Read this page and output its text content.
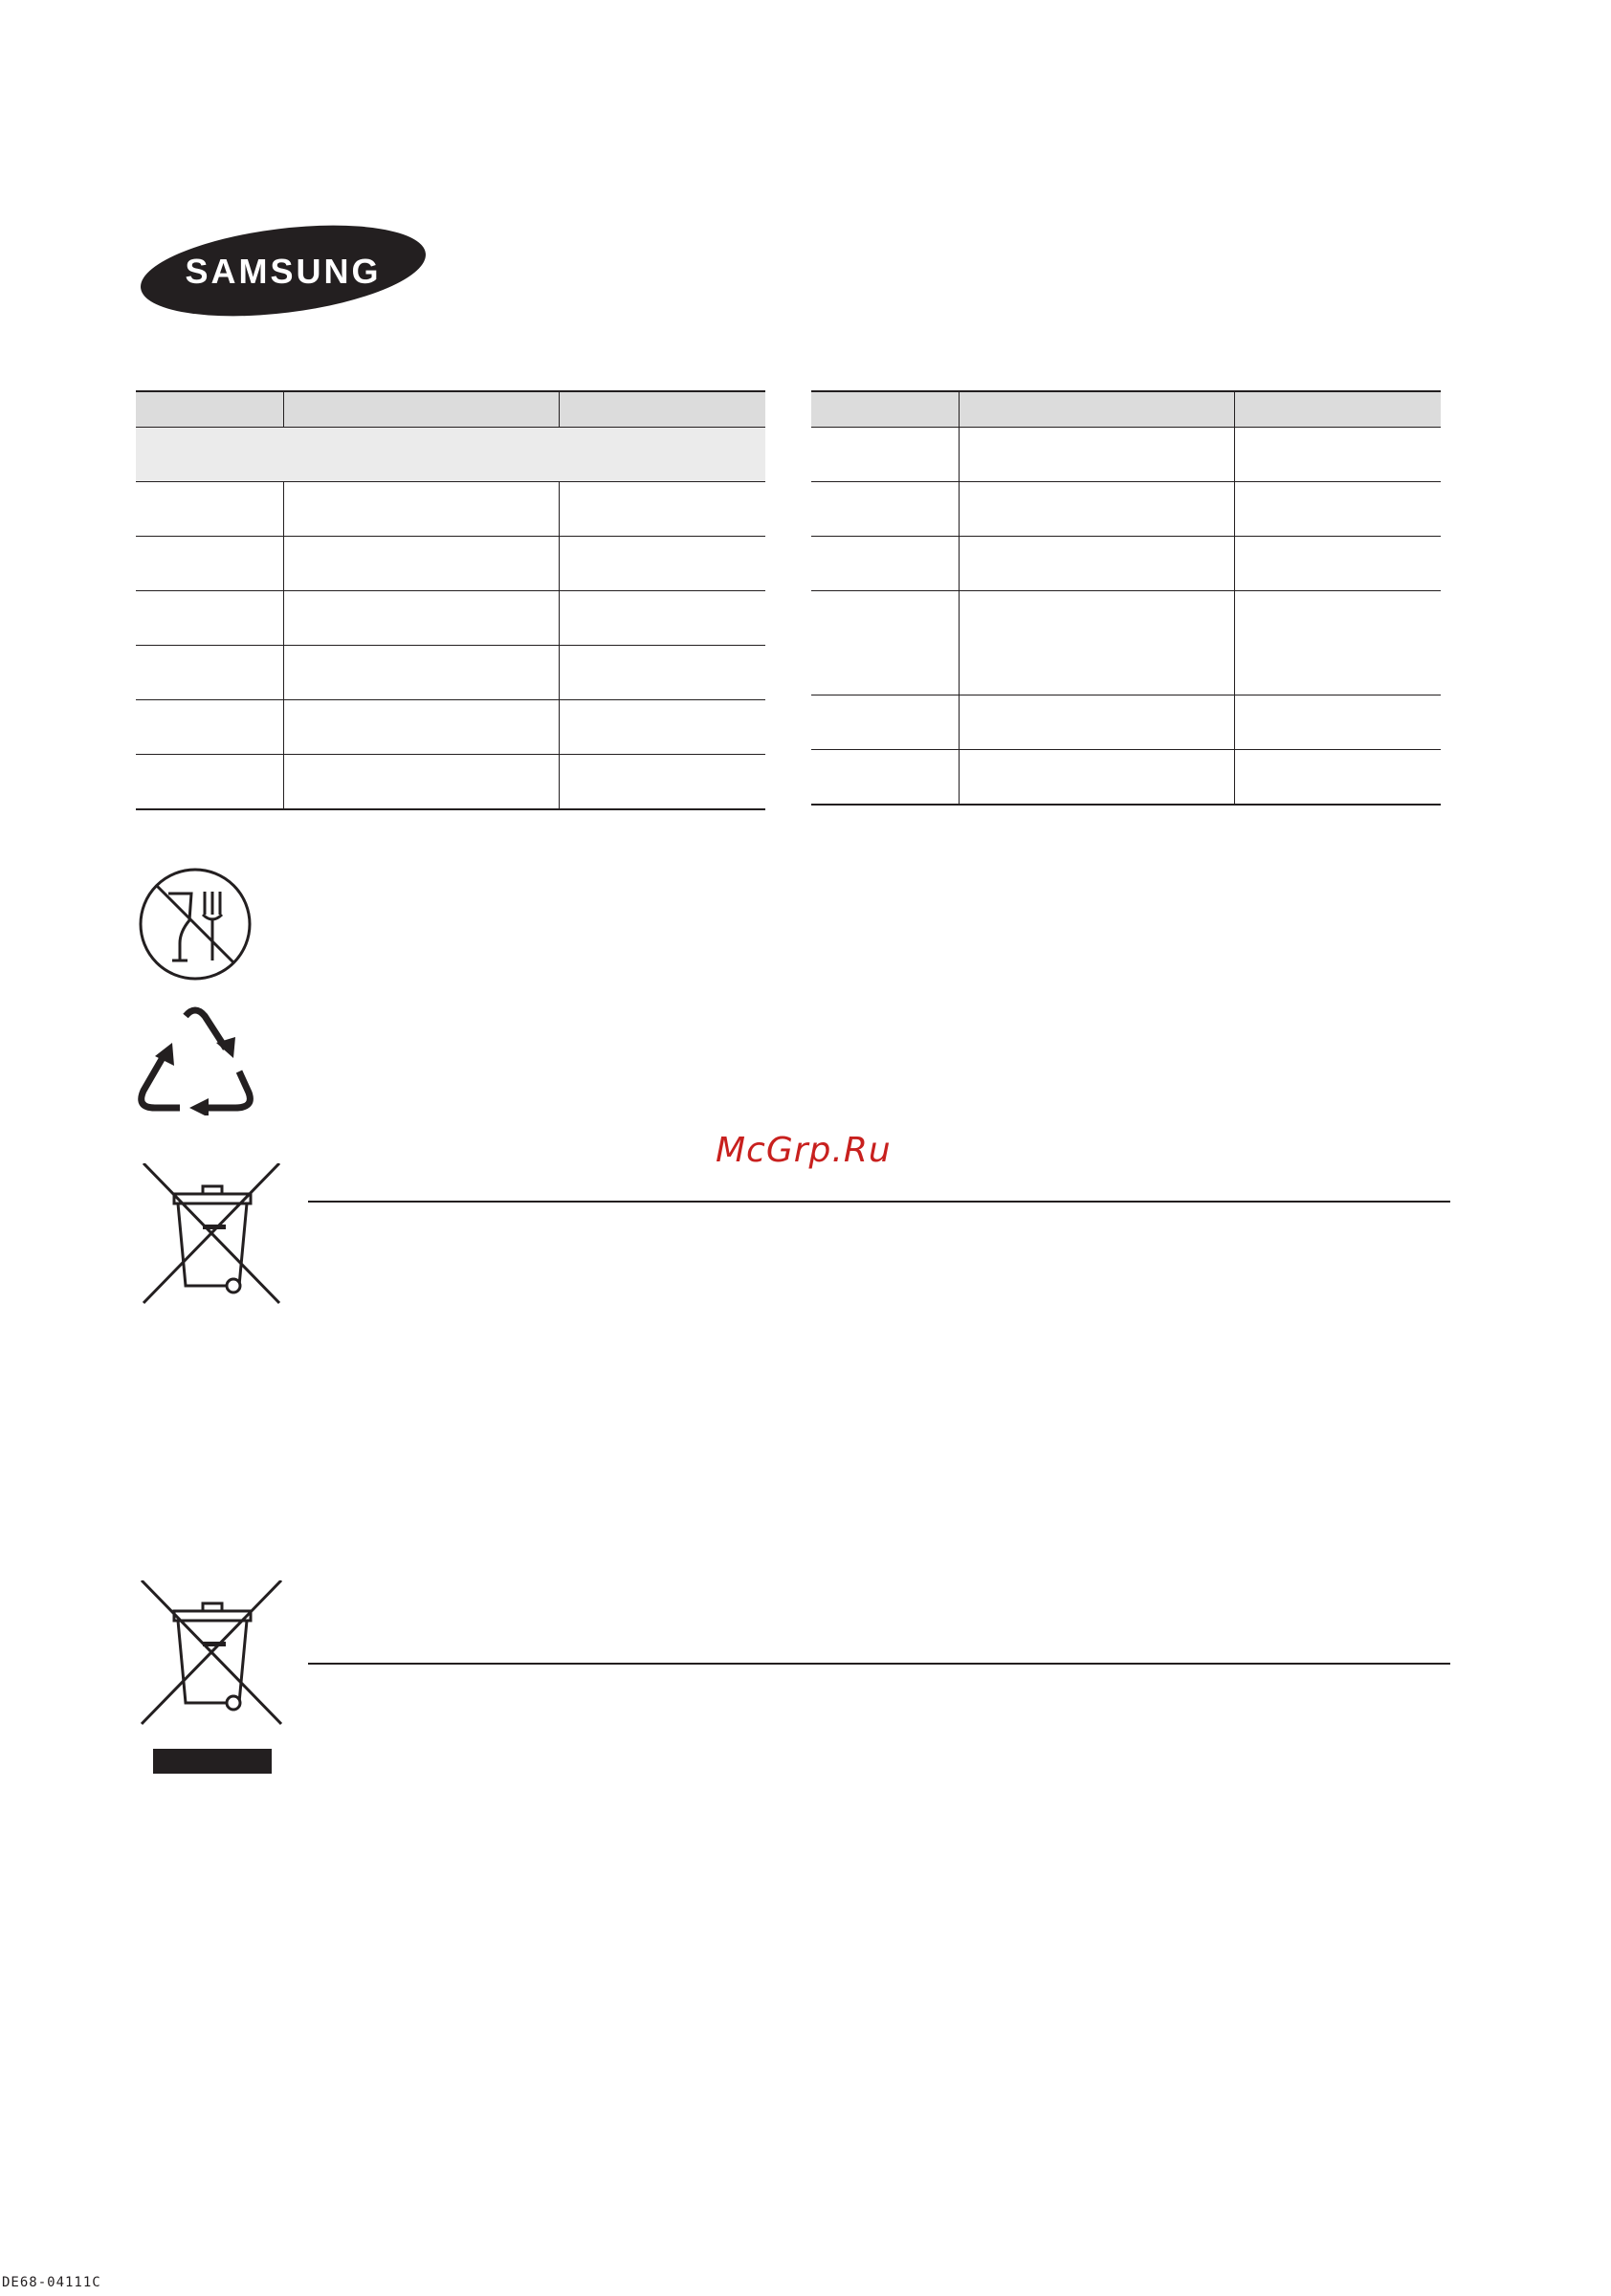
SAMSUNG

McGrp.Ru
DE68-04111C
